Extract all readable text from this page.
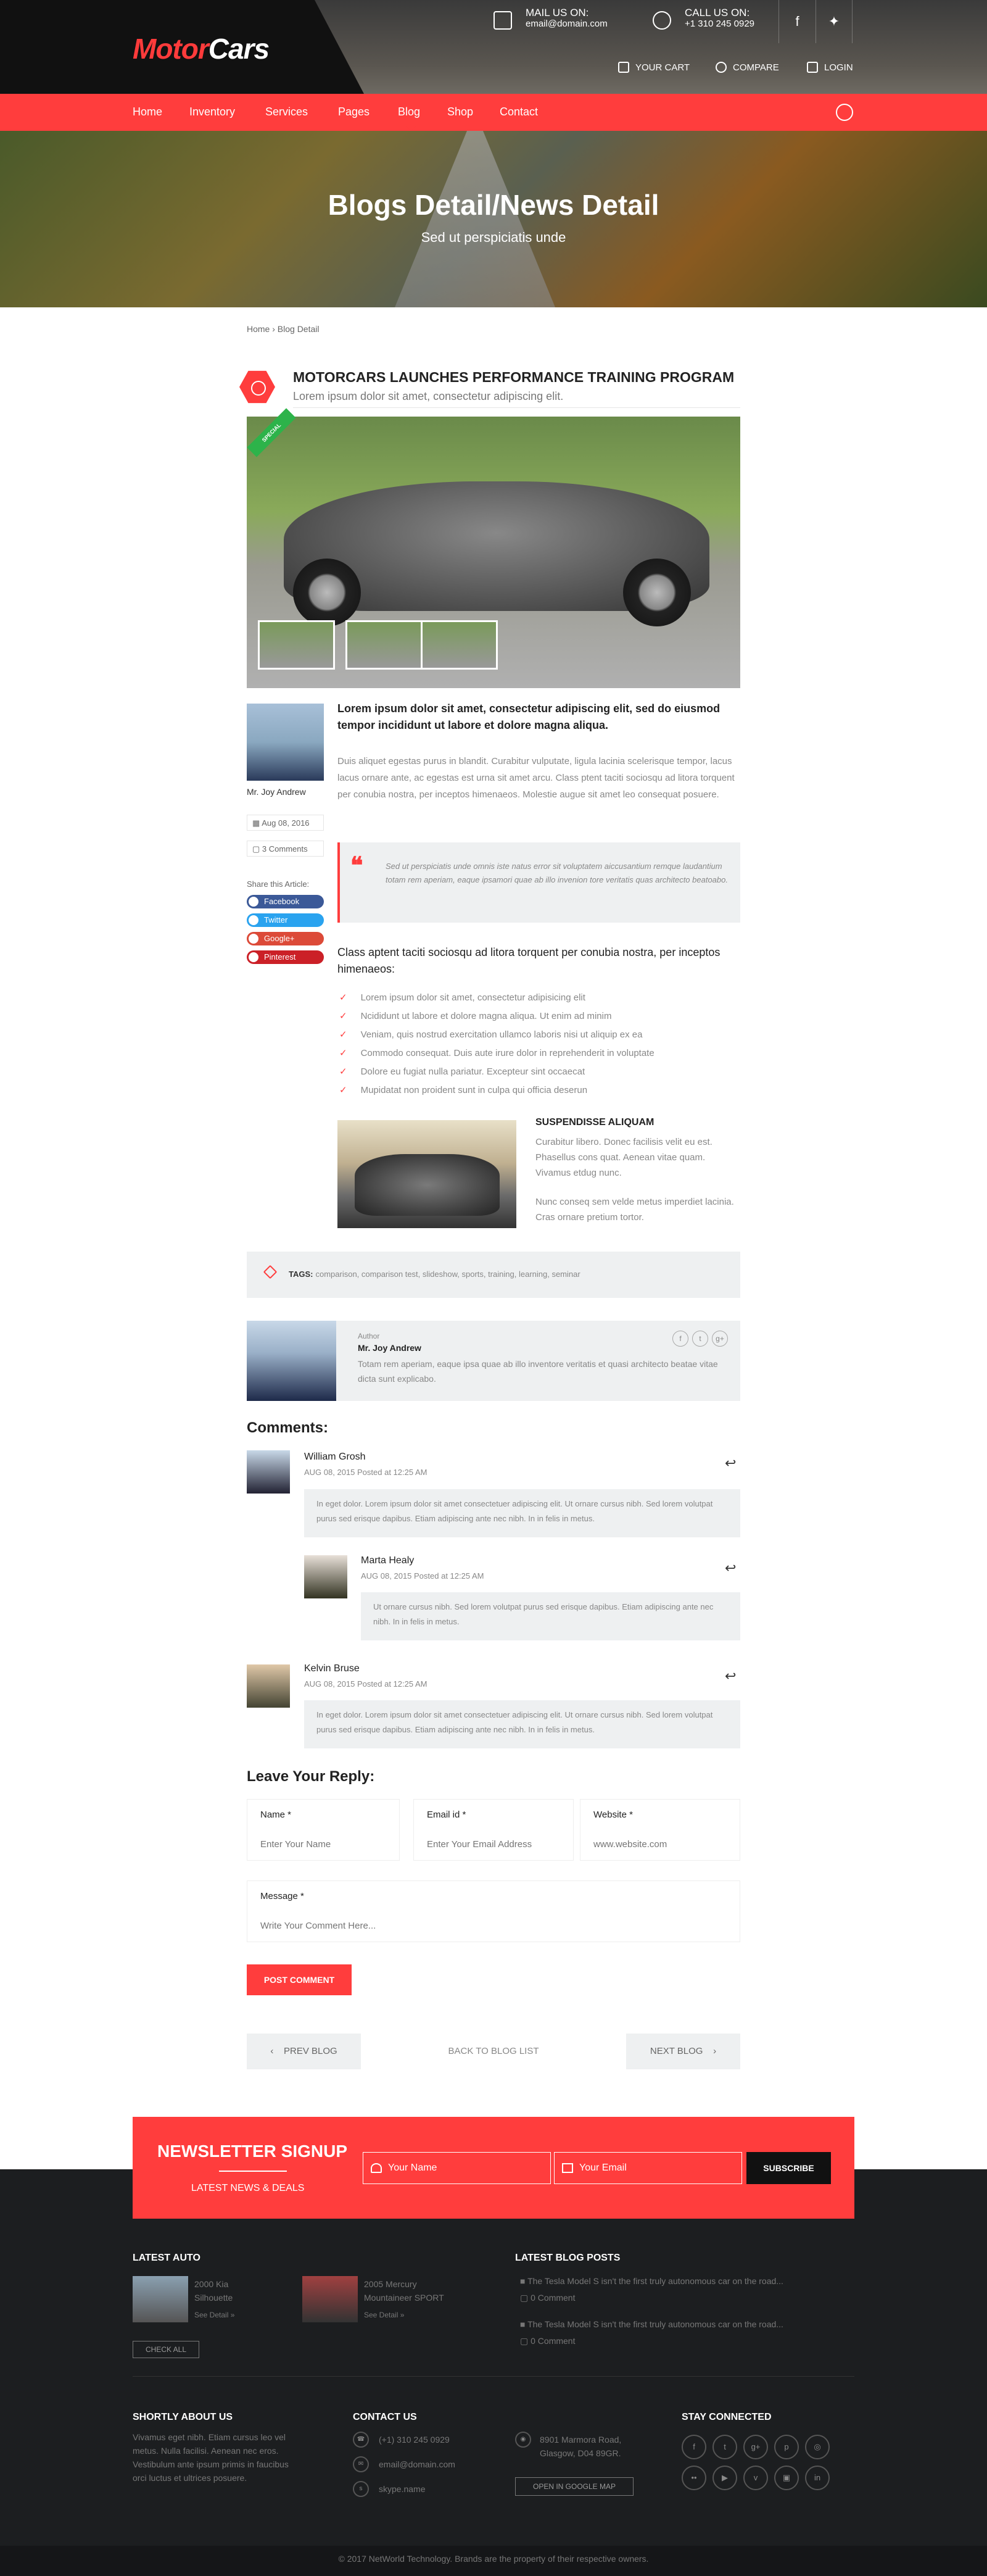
MotorCars
MAIL US ON:
email@domain.com
CALL US ON:
+1 310 245 0929	f	✦
YOUR CART	COMPARE	LOGIN
Home Inventory	Services	Pages	Blog Shop Contact
Blogs Detail/News Detail
Sed ut perspiciatis unde
Home › Blog Detail
MOTORCARS LAUNCHES PERFORMANCE TRAINING PROGRAM
Lorem ipsum dolor sit amet, consectetur adipiscing elit.
SPECIAL
Mr. Joy Andrew
▦ Aug 08, 2016
▢ 3 Comments
Share this Article:
Facebook
Twitter
Google+
Pinterest
Lorem ipsum dolor sit amet, consectetur adipiscing elit, sed do eiusmod tempor incididunt ut labore et dolore magna aliqua.
Duis aliquet egestas purus in blandit. Curabitur vulputate, ligula lacinia scelerisque tempor, lacus lacus ornare ante, ac egestas est urna sit amet arcu. Class ptent taciti sociosqu ad litora torquent per conubia nostra, per inceptos himenaeos. Molestie augue sit amet leo consequat posuere.
❝	Sed ut perspiciatis unde omnis iste natus error sit voluptatem aiccusantium remque laudantium totam rem aperiam, eaque ipsamori quae ab illo invenion tore veritatis quas architecto beatoabo.
Class aptent taciti sociosqu ad litora torquent per conubia nostra, per inceptos himenaeos:
✓ Lorem ipsum dolor sit amet, consectetur adipisicing elit
✓ Ncididunt ut labore et dolore magna aliqua. Ut enim ad minim
✓ Veniam, quis nostrud exercitation ullamco laboris nisi ut aliquip ex ea
✓ Commodo consequat. Duis aute irure dolor in reprehenderit in voluptate
✓ Dolore eu fugiat nulla pariatur. Excepteur sint occaecat
✓ Mupidatat non proident sunt in culpa qui officia deserun
SUSPENDISSE ALIQUAM
Curabitur libero. Donec facilisis velit eu est. Phasellus cons quat. Aenean vitae quam. Vivamus etdug nunc.
Nunc conseq sem velde metus imperdiet lacinia. Cras ornare pretium tortor.
TAGS: comparison, comparison test, slideshow, sports, training, learning, seminar
Author
Mr. Joy Andrew
Totam rem aperiam, eaque ipsa quae ab illo inventore veritatis et quasi architecto beatae vitae dicta sunt explicabo.
f	t	g+
Comments:
William Grosh
AUG 08, 2015 Posted at 12:25 AM
↩
In eget dolor. Lorem ipsum dolor sit amet consectetuer adipiscing elit. Ut ornare cursus nibh. Sed lorem volutpat purus sed erisque dapibus. Etiam adipiscing ante nec nibh. In in felis in metus.
Marta Healy
AUG 08, 2015 Posted at 12:25 AM
↩
Ut ornare cursus nibh. Sed lorem volutpat purus sed erisque dapibus. Etiam adipiscing ante nec nibh. In in felis in metus.
Kelvin Bruse
AUG 08, 2015 Posted at 12:25 AM
↩
In eget dolor. Lorem ipsum dolor sit amet consectetuer adipiscing elit. Ut ornare cursus nibh. Sed lorem volutpat purus sed erisque dapibus. Etiam adipiscing ante nec nibh. In in felis in metus.
Leave Your Reply:
Name *
Enter Your Name	Email id *
Enter Your Email Address	Website *
www.website.com
Message *
Write Your Comment Here...
POST COMMENT
‹    PREV BLOG	BACK TO BLOG LIST	NEXT BLOG    ›
NEWSLETTER SIGNUP
LATEST NEWS & DEALS
Your Name	Your Email	SUBSCRIBE
LATEST AUTO
2000 Kia Silhouette
See Detail »
2005 Mercury Mountaineer SPORT
See Detail »
CHECK ALL
LATEST BLOG POSTS
■ The Tesla Model S isn't the first truly autonomous car on the road...
▢ 0 Comment
■ The Tesla Model S isn't the first truly autonomous car on the road...
▢ 0 Comment
SHORTLY ABOUT US
Vivamus eget nibh. Etiam cursus leo vel metus. Nulla facilisi. Aenean nec eros. Vestibulum ante ipsum primis in faucibus orci luctus et ultrices posuere.
CONTACT US
☎	(+1) 310 245 0929
✉	email@domain.com
s	skype.name
◉	8901 Marmora Road, Glasgow, D04 89GR.
OPEN IN GOOGLE MAP
STAY CONNECTED
f	t	g+	p	◎
••	▶	v	▣	in
© 2017 NetWorld Technology. Brands are the property of their respective owners.
